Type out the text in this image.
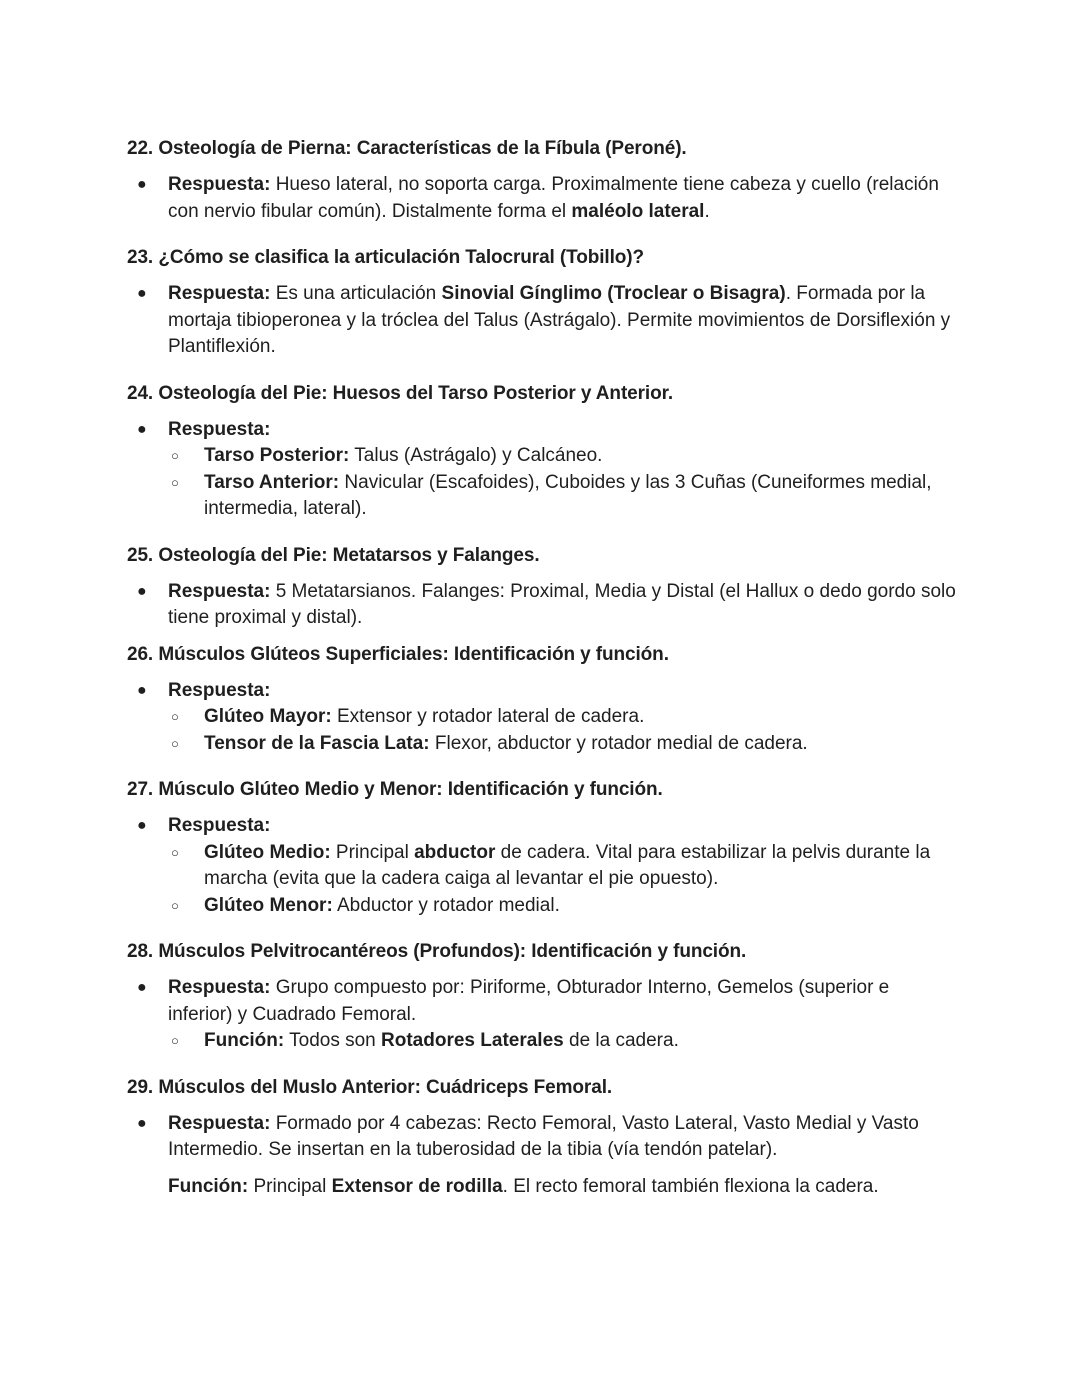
22. Osteología de Pierna: Características de la Fíbula (Peroné).

● Respuesta: Hueso lateral, no soporta carga. Proximalmente tiene cabeza y cuello (relación con nervio fibular común). Distalmente forma el maléolo lateral.

23. ¿Cómo se clasifica la articulación Talocrural (Tobillo)?

● Respuesta: Es una articulación Sinovial Gínglimo (Troclear o Bisagra). Formada por la mortaja tibioperonea y la tróclea del Talus (Astrágalo). Permite movimientos de Dorsiflexión y Plantiflexión.

24. Osteología del Pie: Huesos del Tarso Posterior y Anterior.

● Respuesta:

○ Tarso Posterior: Talus (Astrágalo) y Calcáneo.

○ Tarso Anterior: Navicular (Escafoides), Cuboides y las 3 Cuñas (Cuneiformes medial, intermedia, lateral).

25. Osteología del Pie: Metatarsos y Falanges.

● Respuesta: 5 Metatarsianos. Falanges: Proximal, Media y Distal (el Hallux o dedo gordo solo tiene proximal y distal).

26. Músculos Glúteos Superficiales: Identificación y función.

● Respuesta:

○ Glúteo Mayor: Extensor y rotador lateral de cadera.

○ Tensor de la Fascia Lata: Flexor, abductor y rotador medial de cadera.

27. Músculo Glúteo Medio y Menor: Identificación y función.

● Respuesta:

○ Glúteo Medio: Principal abductor de cadera. Vital para estabilizar la pelvis durante la marcha (evita que la cadera caiga al levantar el pie opuesto).

○ Glúteo Menor: Abductor y rotador medial.

28. Músculos Pelvitrocantéreos (Profundos): Identificación y función.

● Respuesta: Grupo compuesto por: Piriforme, Obturador Interno, Gemelos (superior e inferior) y Cuadrado Femoral.

○ Función: Todos son Rotadores Laterales de la cadera.

29. Músculos del Muslo Anterior: Cuádriceps Femoral.

● Respuesta: Formado por 4 cabezas: Recto Femoral, Vasto Lateral, Vasto Medial y Vasto Intermedio. Se insertan en la tuberosidad de la tibia (vía tendón patelar).

Función: Principal Extensor de rodilla. El recto femoral también flexiona la cadera.
